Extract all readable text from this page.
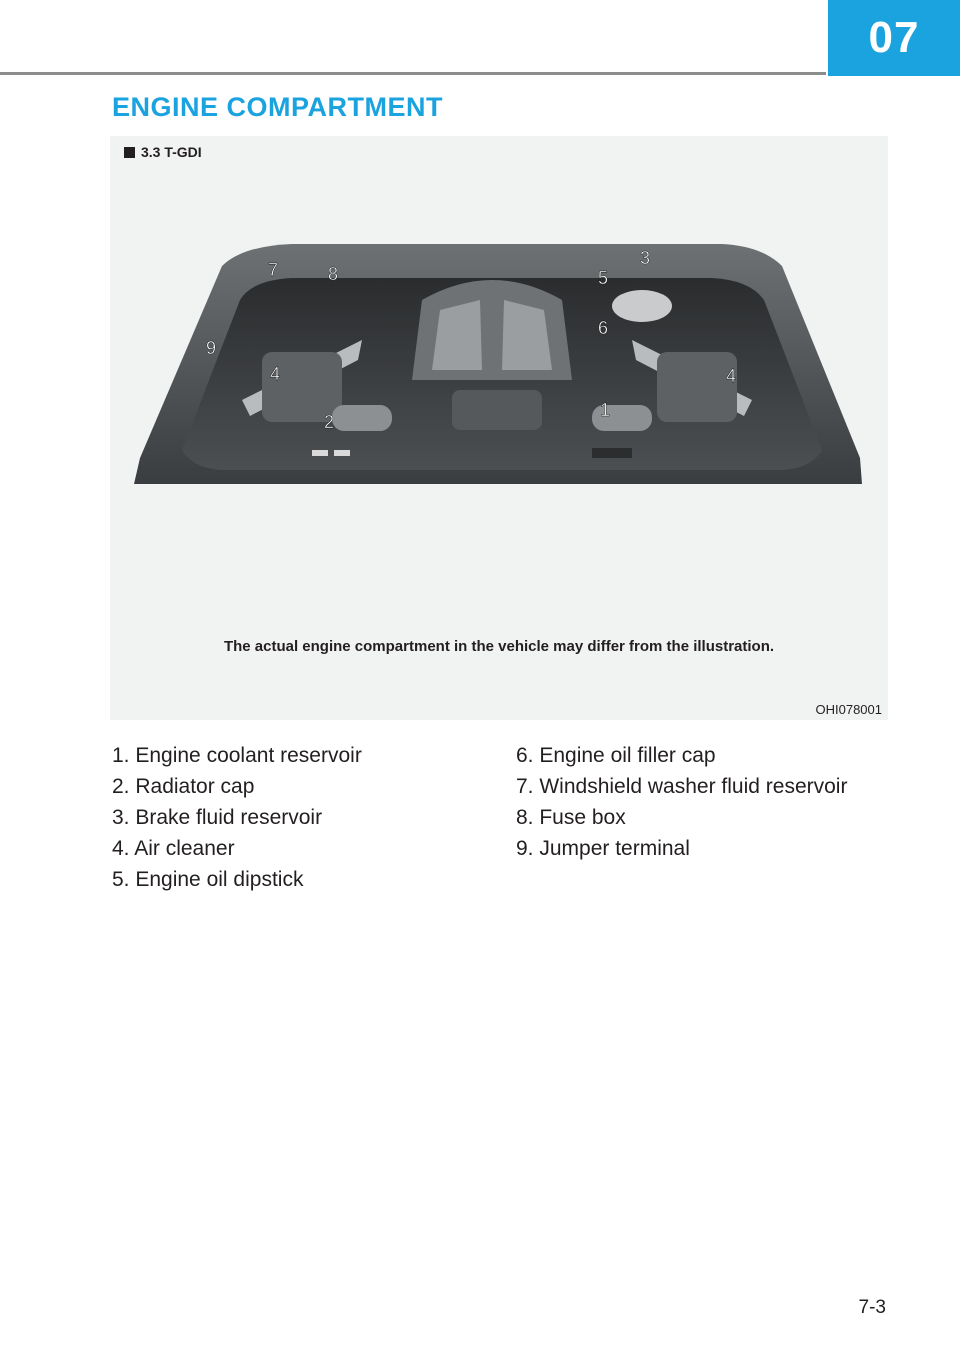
07
ENGINE COMPARTMENT
3.3 T-GDI
7	8	5
3
6
9
4
2
1
4
The actual engine compartment in the vehicle may differ from the illustration.
OHI078001
1. Engine coolant reservoir
2. Radiator cap
3. Brake fluid reservoir
4. Air cleaner
5. Engine oil dipstick
6. Engine oil filler cap
7. Windshield washer fluid reservoir
8. Fuse box
9. Jumper terminal
7-3
